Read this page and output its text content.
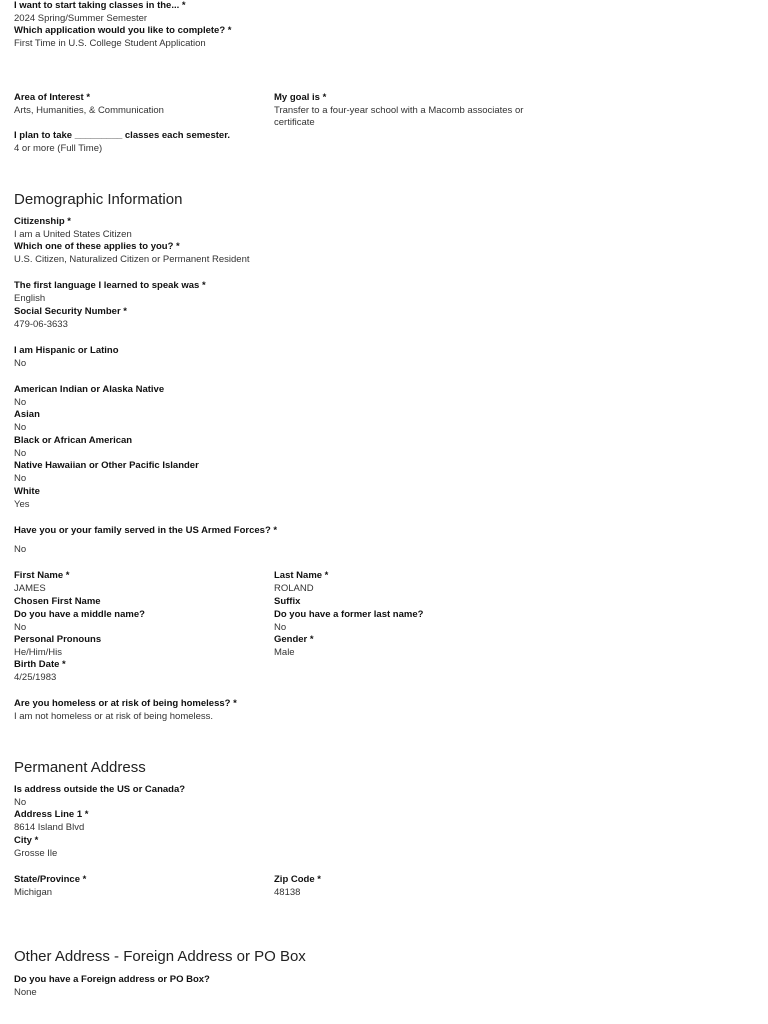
I want to start taking classes in the... *
2024 Spring/Summer Semester
Which application would you like to complete? *
First Time in U.S. College Student Application
Area of Interest *
Arts, Humanities, & Communication
My goal is *
Transfer to a four-year school with a Macomb associates or certificate
I plan to take _________ classes each semester.
4 or more (Full Time)
Demographic Information
Citizenship *
I am a United States Citizen
Which one of these applies to you? *
U.S. Citizen, Naturalized Citizen or Permanent Resident
The first language I learned to speak was *
English
Social Security Number *
479-06-3633
I am Hispanic or Latino
No
American Indian or Alaska Native
No
Asian
No
Black or African American
No
Native Hawaiian or Other Pacific Islander
No
White
Yes
Have you or your family served in the US Armed Forces? *
No
First Name *
JAMES
Last Name *
ROLAND
Chosen First Name	Suffix
Do you have a middle name?
No
Do you have a former last name?
No
Personal Pronouns
He/Him/His
Gender *
Male
Birth Date *
4/25/1983
Are you homeless or at risk of being homeless? *
I am not homeless or at risk of being homeless.
Permanent Address
Is address outside the US or Canada?
No
Address Line 1 *
8614 Island Blvd
City *
Grosse Ile
State/Province *
Michigan
Zip Code *
48138
Other Address - Foreign Address or PO Box
Do you have a Foreign address or PO Box?
None
